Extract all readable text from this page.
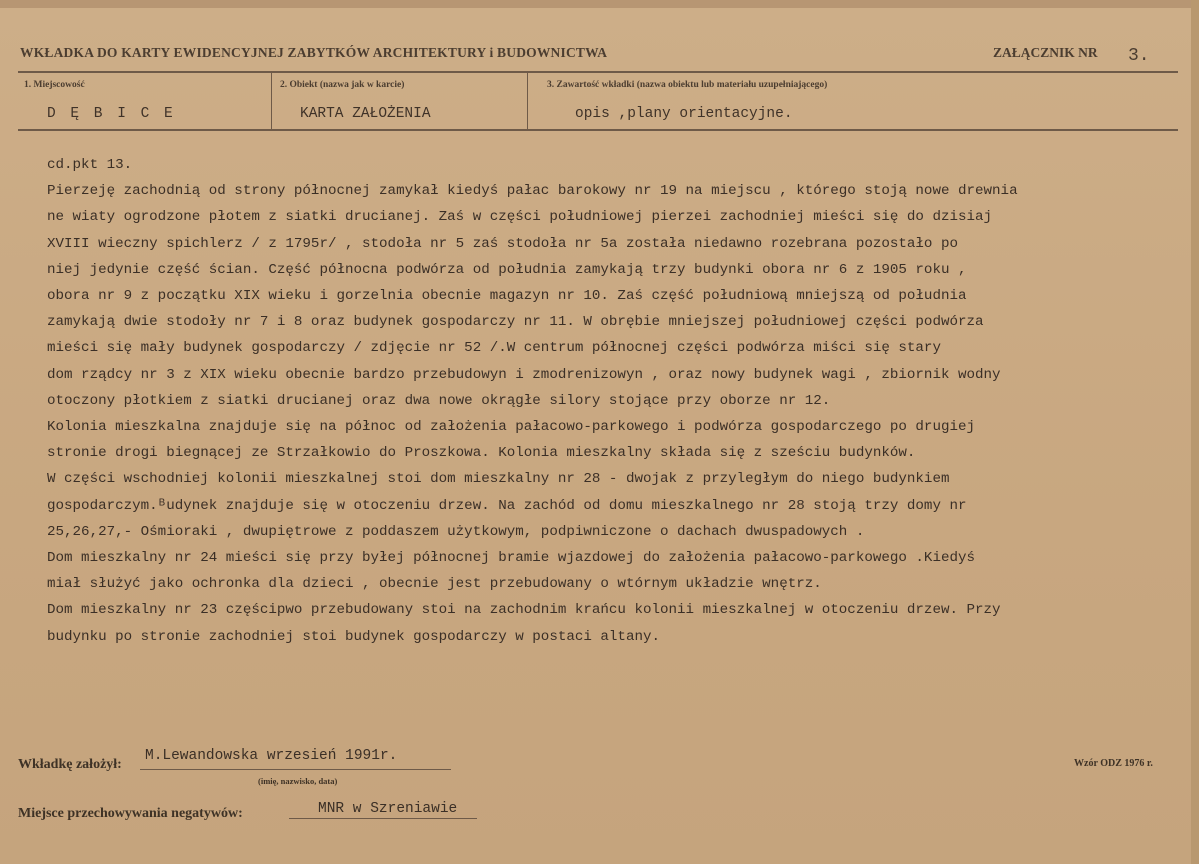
WKŁADKA DO KARTY EWIDENCYJNEJ ZABYTKÓW ARCHITEKTURY i BUDOWNICTWA	ZAŁĄCZNIK NR 3.
1. Miejscowość
D Ę B I C E
2. Obiekt (nazwa jak w karcie)
KARTA ZAŁOŻENIA
3. Zawartość wkładki (nazwa obiektu lub materiału uzupełniającego)
opis ,plany orientacyjne.
cd.pkt 13.
Pierzeję zachodnią od strony północnej zamykał kiedyś pałac barokowy nr 19 na miejscu , którego stoją nowe drewnia
ne wiaty ogrodzone płotem z siatki drucianej. Zaś w części południowej pierzei zachodniej mieści się do dzisiaj
XVIII wieczny spichlerz / z 1795r/ , stodoła nr 5 zaś stodoła nr 5a została niedawno rozebrana pozostało po
niej jedynie część ścian. Część północna podwórza od południa zamykają trzy budynki obora nr 6 z 1905 roku ,
obora nr 9 z początku XIX wieku i gorzelnia obecnie magazyn nr 10. Zaś część południową mniejszą od południa
zamykają dwie stodoły nr 7 i 8 oraz budynek gospodarczy nr 11. W obrębie mniejszej południowej części podwórza
mieści się mały budynek gospodarczy / zdjęcie nr 52 /.W centrum północnej części podwórza miści się stary
dom rządcy nr 3 z XIX wieku obecnie bardzo przebudowyn i zmodrenizowyn , oraz nowy budynek wagi , zbiornik wodny
otoczony płotkiem z siatki drucianej oraz dwa nowe okrągłe silory stojące przy oborze nr 12.
Kolonia mieszkalna znajduje się na północ od założenia pałacowo-parkowego i podwórza gospodarczego po drugiej
stronie drogi biegnącej ze Strzałkowio do Proszkowa. Kolonia mieszkalny składa się z sześciu budynków.
W części wschodniej kolonii mieszkalnej stoi dom mieszkalny nr 28 - dwojak z przyległym do niego budynkiem
gospodarczym.ᴮudynek znajduje się w otoczeniu drzew. Na zachód od domu mieszkalnego nr 28 stoją trzy domy nr
25,26,27,- Ośmioraki , dwupiętrowe z poddaszem użytkowym, podpiwniczone o dachach dwuspadowych .
Dom mieszkalny nr 24 mieści się przy byłej północnej bramie wjazdowej do założenia pałacowo-parkowego .Kiedyś
miał służyć jako ochronka dla dzieci , obecnie jest przebudowany o wtórnym układzie wnętrz.
Dom mieszkalny nr 23 częścipwo przebudowany stoi na zachodnim krańcu kolonii mieszkalnej w otoczeniu drzew. Przy
budynku po stronie zachodniej stoi budynek gospodarczy w postaci altany.
Wkładkę założył:
M.Lewandowska wrzesień 1991r.
(imię, nazwisko, data)
Wzór ODZ 1976 r.
Miejsce przechowywania negatywów:	MNR w Szreniawie
